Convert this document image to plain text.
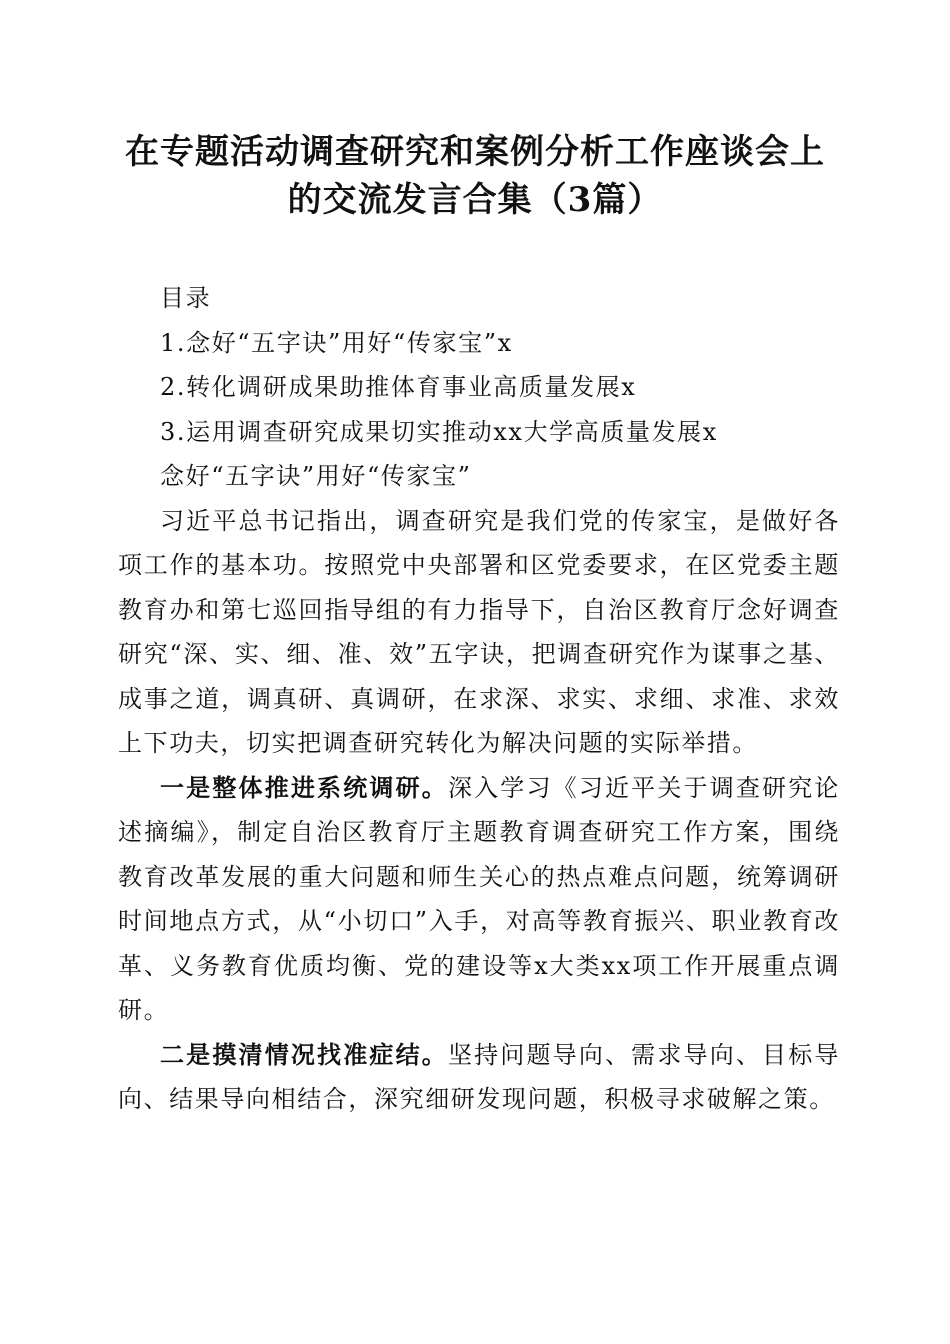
在专题活动调查研究和案例分析工作座谈会上
的交流发言合集（3篇）
目录
1.念好“五字诀”用好“传家宝”x
2.转化调研成果助推体育事业高质量发展x
3.运用调查研究成果切实推动xx大学高质量发展x
念好“五字诀”用好“传家宝”

习近平总书记指出，调查研究是我们党的传家宝，是做好各项工作的基本功。按照党中央部署和区党委要求，在区党委主题教育办和第七巡回指导组的有力指导下，自治区教育厅念好调查研究“深、实、细、准、效”五字诀，把调查研究作为谋事之基、成事之道，调真研、真调研，在求深、求实、求细、求准、求效上下功夫，切实把调查研究转化为解决问题的实际举措。

一是整体推进系统调研。深入学习《习近平关于调查研究论述摘编》，制定自治区教育厅主题教育调查研究工作方案，围绕教育改革发展的重大问题和师生关心的热点难点问题，统筹调研时间地点方式，从“小切口”入手，对高等教育振兴、职业教育改革、义务教育优质均衡、党的建设等x大类xx项工作开展重点调研。

二是摸清情况找准症结。坚持问题导向、需求导向、目标导向、结果导向相结合，深究细研发现问题，积极寻求破解之策。
